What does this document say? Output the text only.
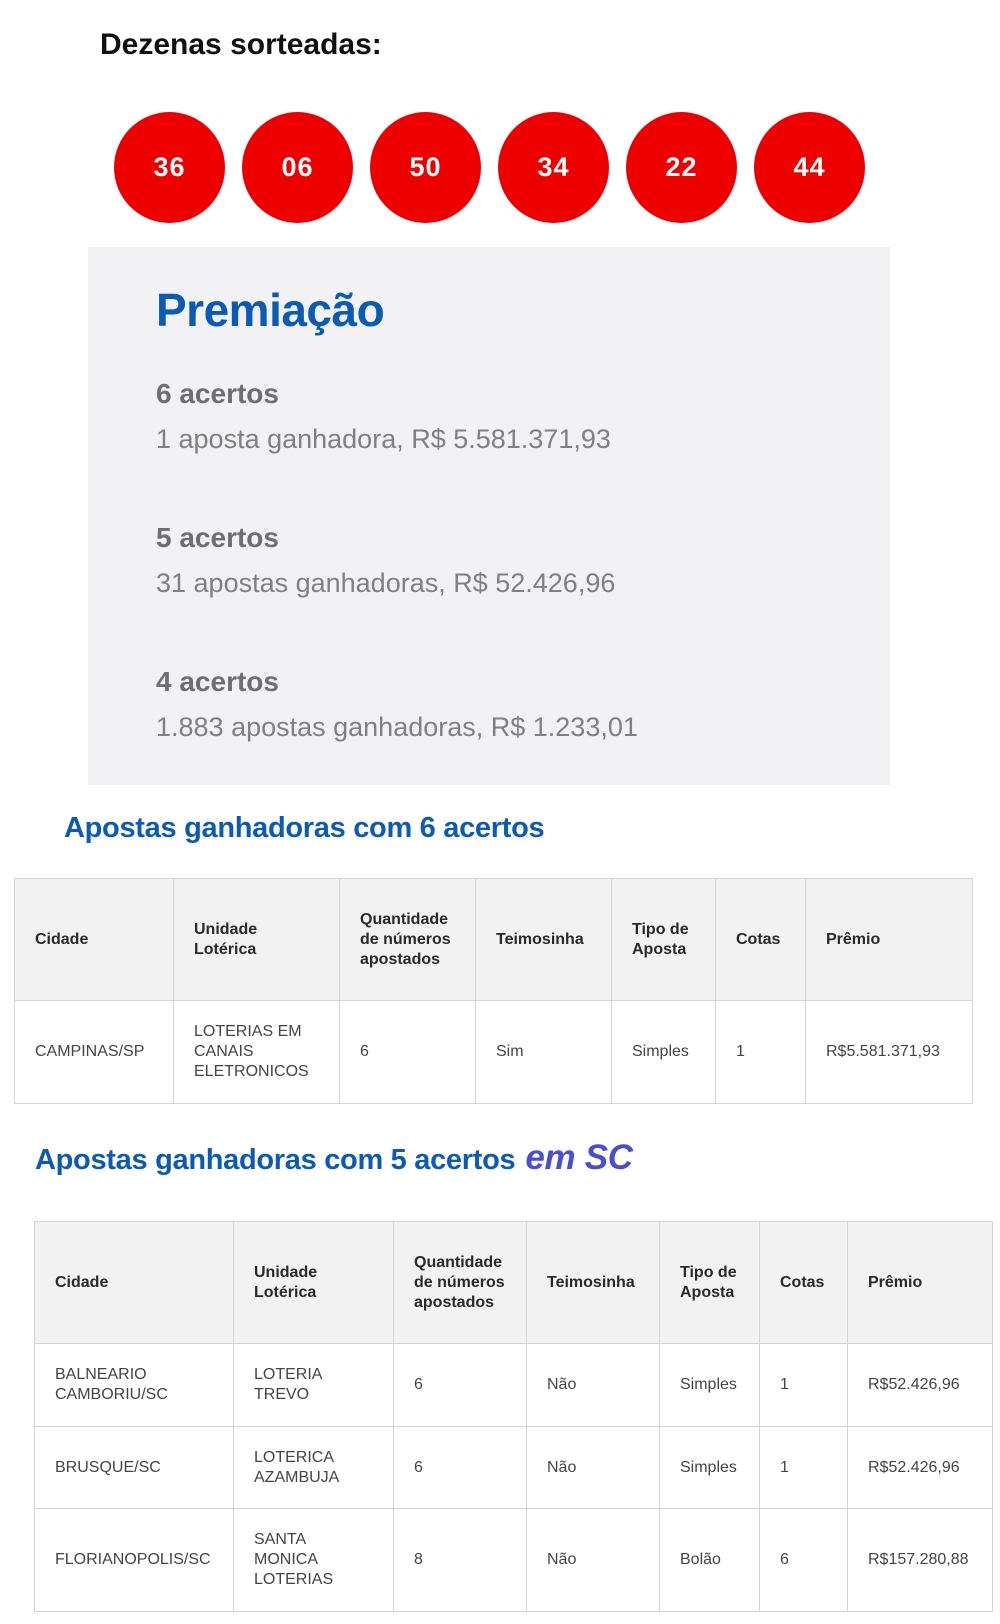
Dezenas sorteadas:
36	06	50	34	22	44
Premiação
6 acertos
1 aposta ganhadora, R$ 5.581.371,93
5 acertos
31 apostas ganhadoras, R$ 52.426,96
4 acertos
1.883 apostas ganhadoras, R$ 1.233,01
Apostas ganhadoras com 6 acertos
Cidade	Unidade Lotérica	Quantidade de números apostados	Teimosinha	Tipo de Aposta	Cotas	Prêmio
CAMPINAS/SP	LOTERIAS EM CANAIS ELETRONICOS	6	Sim	Simples	1	R$5.581.371,93
Apostas ganhadoras com 5 acertos em SC
Cidade	Unidade Lotérica	Quantidade de números apostados	Teimosinha	Tipo de Aposta	Cotas	Prêmio
BALNEARIO CAMBORIU/SC	LOTERIA TREVO	6	Não	Simples	1	R$52.426,96
BRUSQUE/SC	LOTERICA AZAMBUJA	6	Não	Simples	1	R$52.426,96
FLORIANOPOLIS/SC	SANTA MONICA LOTERIAS	8	Não	Bolão	6	R$157.280,88
